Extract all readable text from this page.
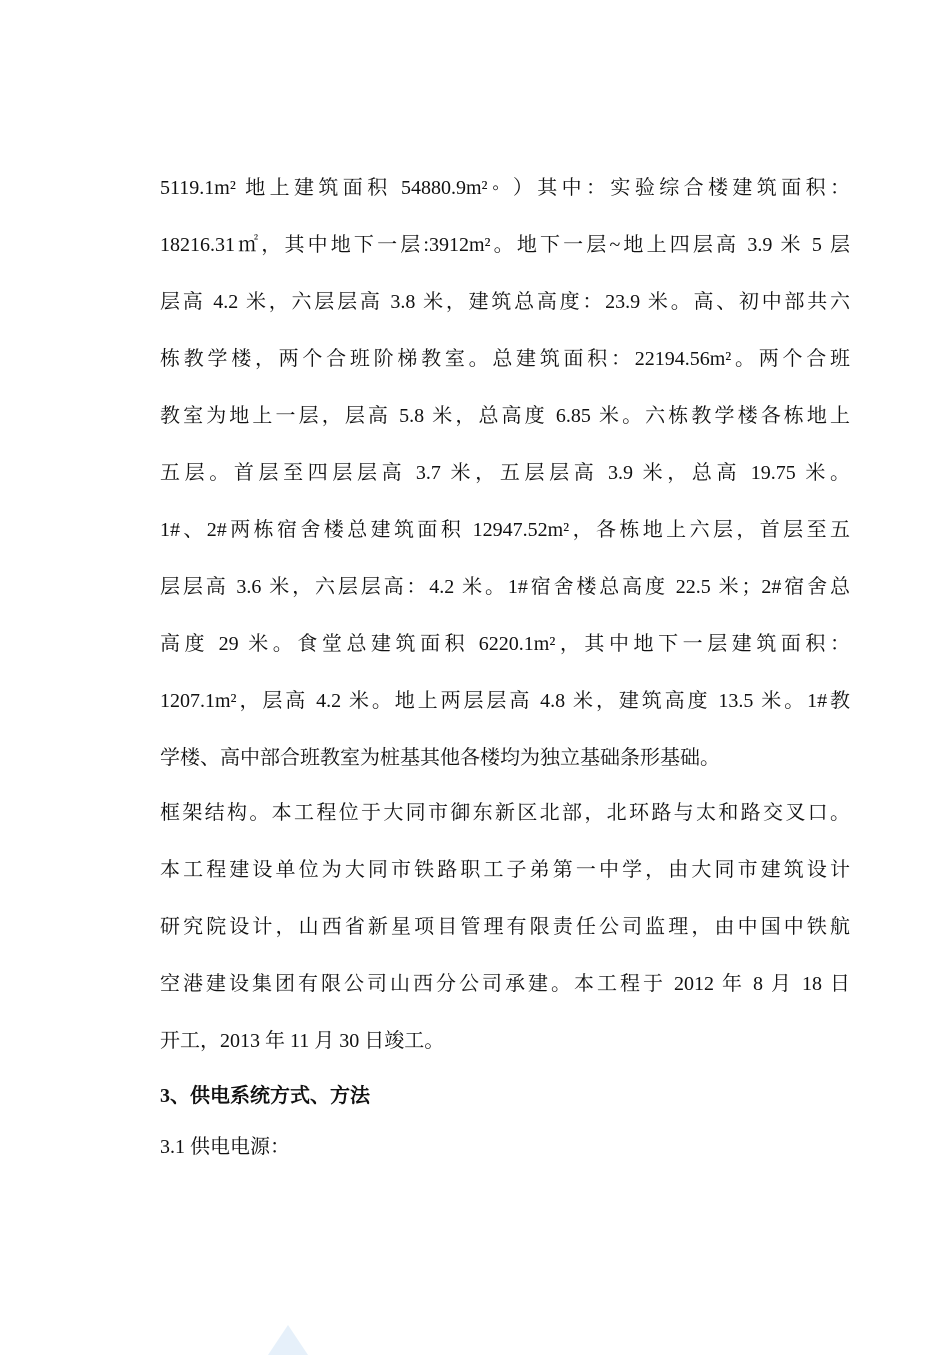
5119.1m² 地上建筑面积 54880.9m²◦ ）其中：实验综合楼建筑面积：
18216.31㎡，其中地下一层:3912m²。地下一层~地上四层高 3.9 米 5 层
层高 4.2 米，六层层高 3.8 米，建筑总高度：23.9 米。高、初中部共六
栋教学楼，两个合班阶梯教室。总建筑面积：22194.56m²。两个合班
教室为地上一层，层高 5.8 米，总高度 6.85 米。六栋教学楼各栋地上
五层。首层至四层层高 3.7 米，五层层高 3.9 米，总高 19.75 米。
1#、2#两栋宿舍楼总建筑面积 12947.52m²，各栋地上六层，首层至五
层层高 3.6 米，六层层高：4.2 米。1#宿舍楼总高度 22.5 米；2#宿舍总
高度 29 米。食堂总建筑面积 6220.1m²，其中地下一层建筑面积：
1207.1m²，层高 4.2 米。地上两层层高 4.8 米，建筑高度 13.5 米。1#教
学楼、高中部合班教室为桩基其他各楼均为独立基础条形基础。
框架结构。本工程位于大同市御东新区北部，北环路与太和路交叉口。
本工程建设单位为大同市铁路职工子弟第一中学，由大同市建筑设计
研究院设计，山西省新星项目管理有限责任公司监理，由中国中铁航
空港建设集团有限公司山西分公司承建。本工程于 2012 年 8 月 18 日
开工，2013 年 11 月 30 日竣工。
3、供电系统方式、方法
3.1 供电电源：
